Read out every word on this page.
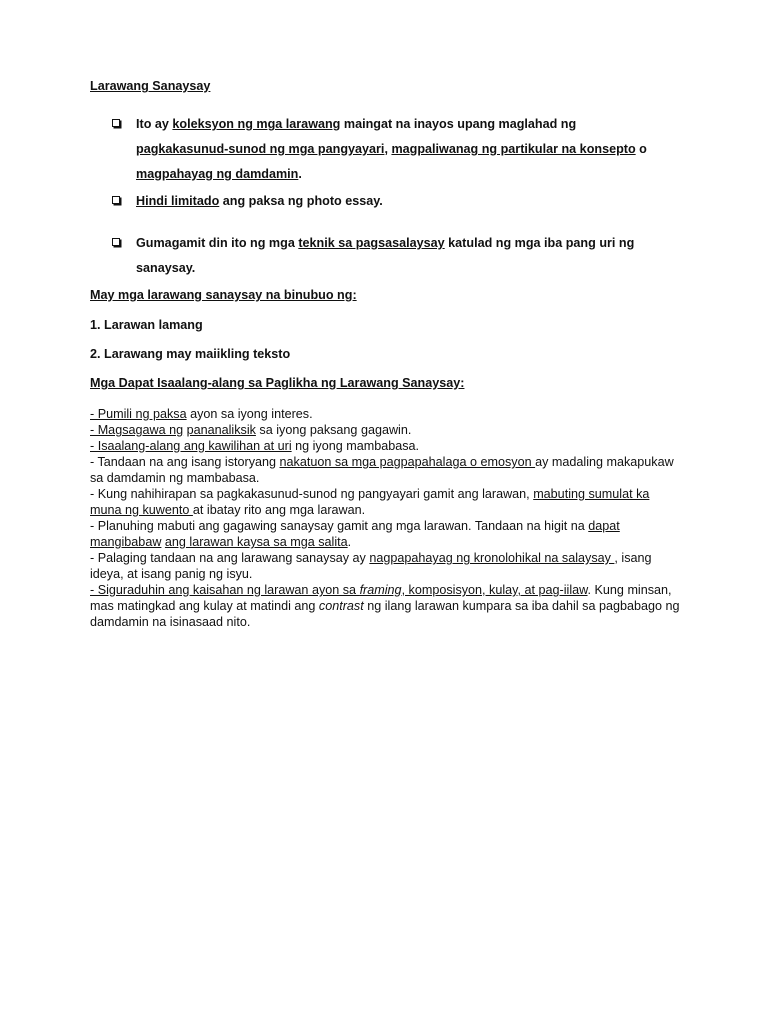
Larawang Sanaysay

Ito ay koleksyon ng mga larawang maingat na inayos upang maglahad ng pagkakasunud-sunod ng mga pangyayari, magpaliwanag ng partikular na konsepto o magpahayag ng damdamin.
Hindi limitado ang paksa ng photo essay.
Gumagamit din ito ng mga teknik sa pagsasalaysay katulad ng mga iba pang uri ng sanaysay.

May mga larawang sanaysay na binubuo ng:

1. Larawan lamang

2. Larawang may maiikling teksto

Mga Dapat Isaalang-alang sa Paglikha ng Larawang Sanaysay:

- Pumili ng paksa ayon sa iyong interes.
- Magsagawa ng pananaliksik sa iyong paksang gagawin.
- Isaalang-alang ang kawilihan at uri ng iyong mambabasa.
- Tandaan na ang isang istoryang nakatuon sa mga pagpapahalaga o emosyon ay madaling makapukaw sa damdamin ng mambabasa.
- Kung nahihirapan sa pagkakasunud-sunod ng pangyayari gamit ang larawan, mabuting sumulat ka muna ng kuwento at ibatay rito ang mga larawan.
- Planuhing mabuti ang gagawing sanaysay gamit ang mga larawan. Tandaan na higit na dapat mangibabaw ang larawan kaysa sa mga salita.
- Palaging tandaan na ang larawang sanaysay ay nagpapahayag ng kronolohikal na salaysay , isang ideya, at isang panig ng isyu.
- Siguraduhin ang kaisahan ng larawan ayon sa framing, komposisyon, kulay, at pag-iilaw. Kung minsan, mas matingkad ang kulay at matindi ang contrast ng ilang larawan kumpara sa iba dahil sa pagbabago ng damdamin na isinasaad nito.
